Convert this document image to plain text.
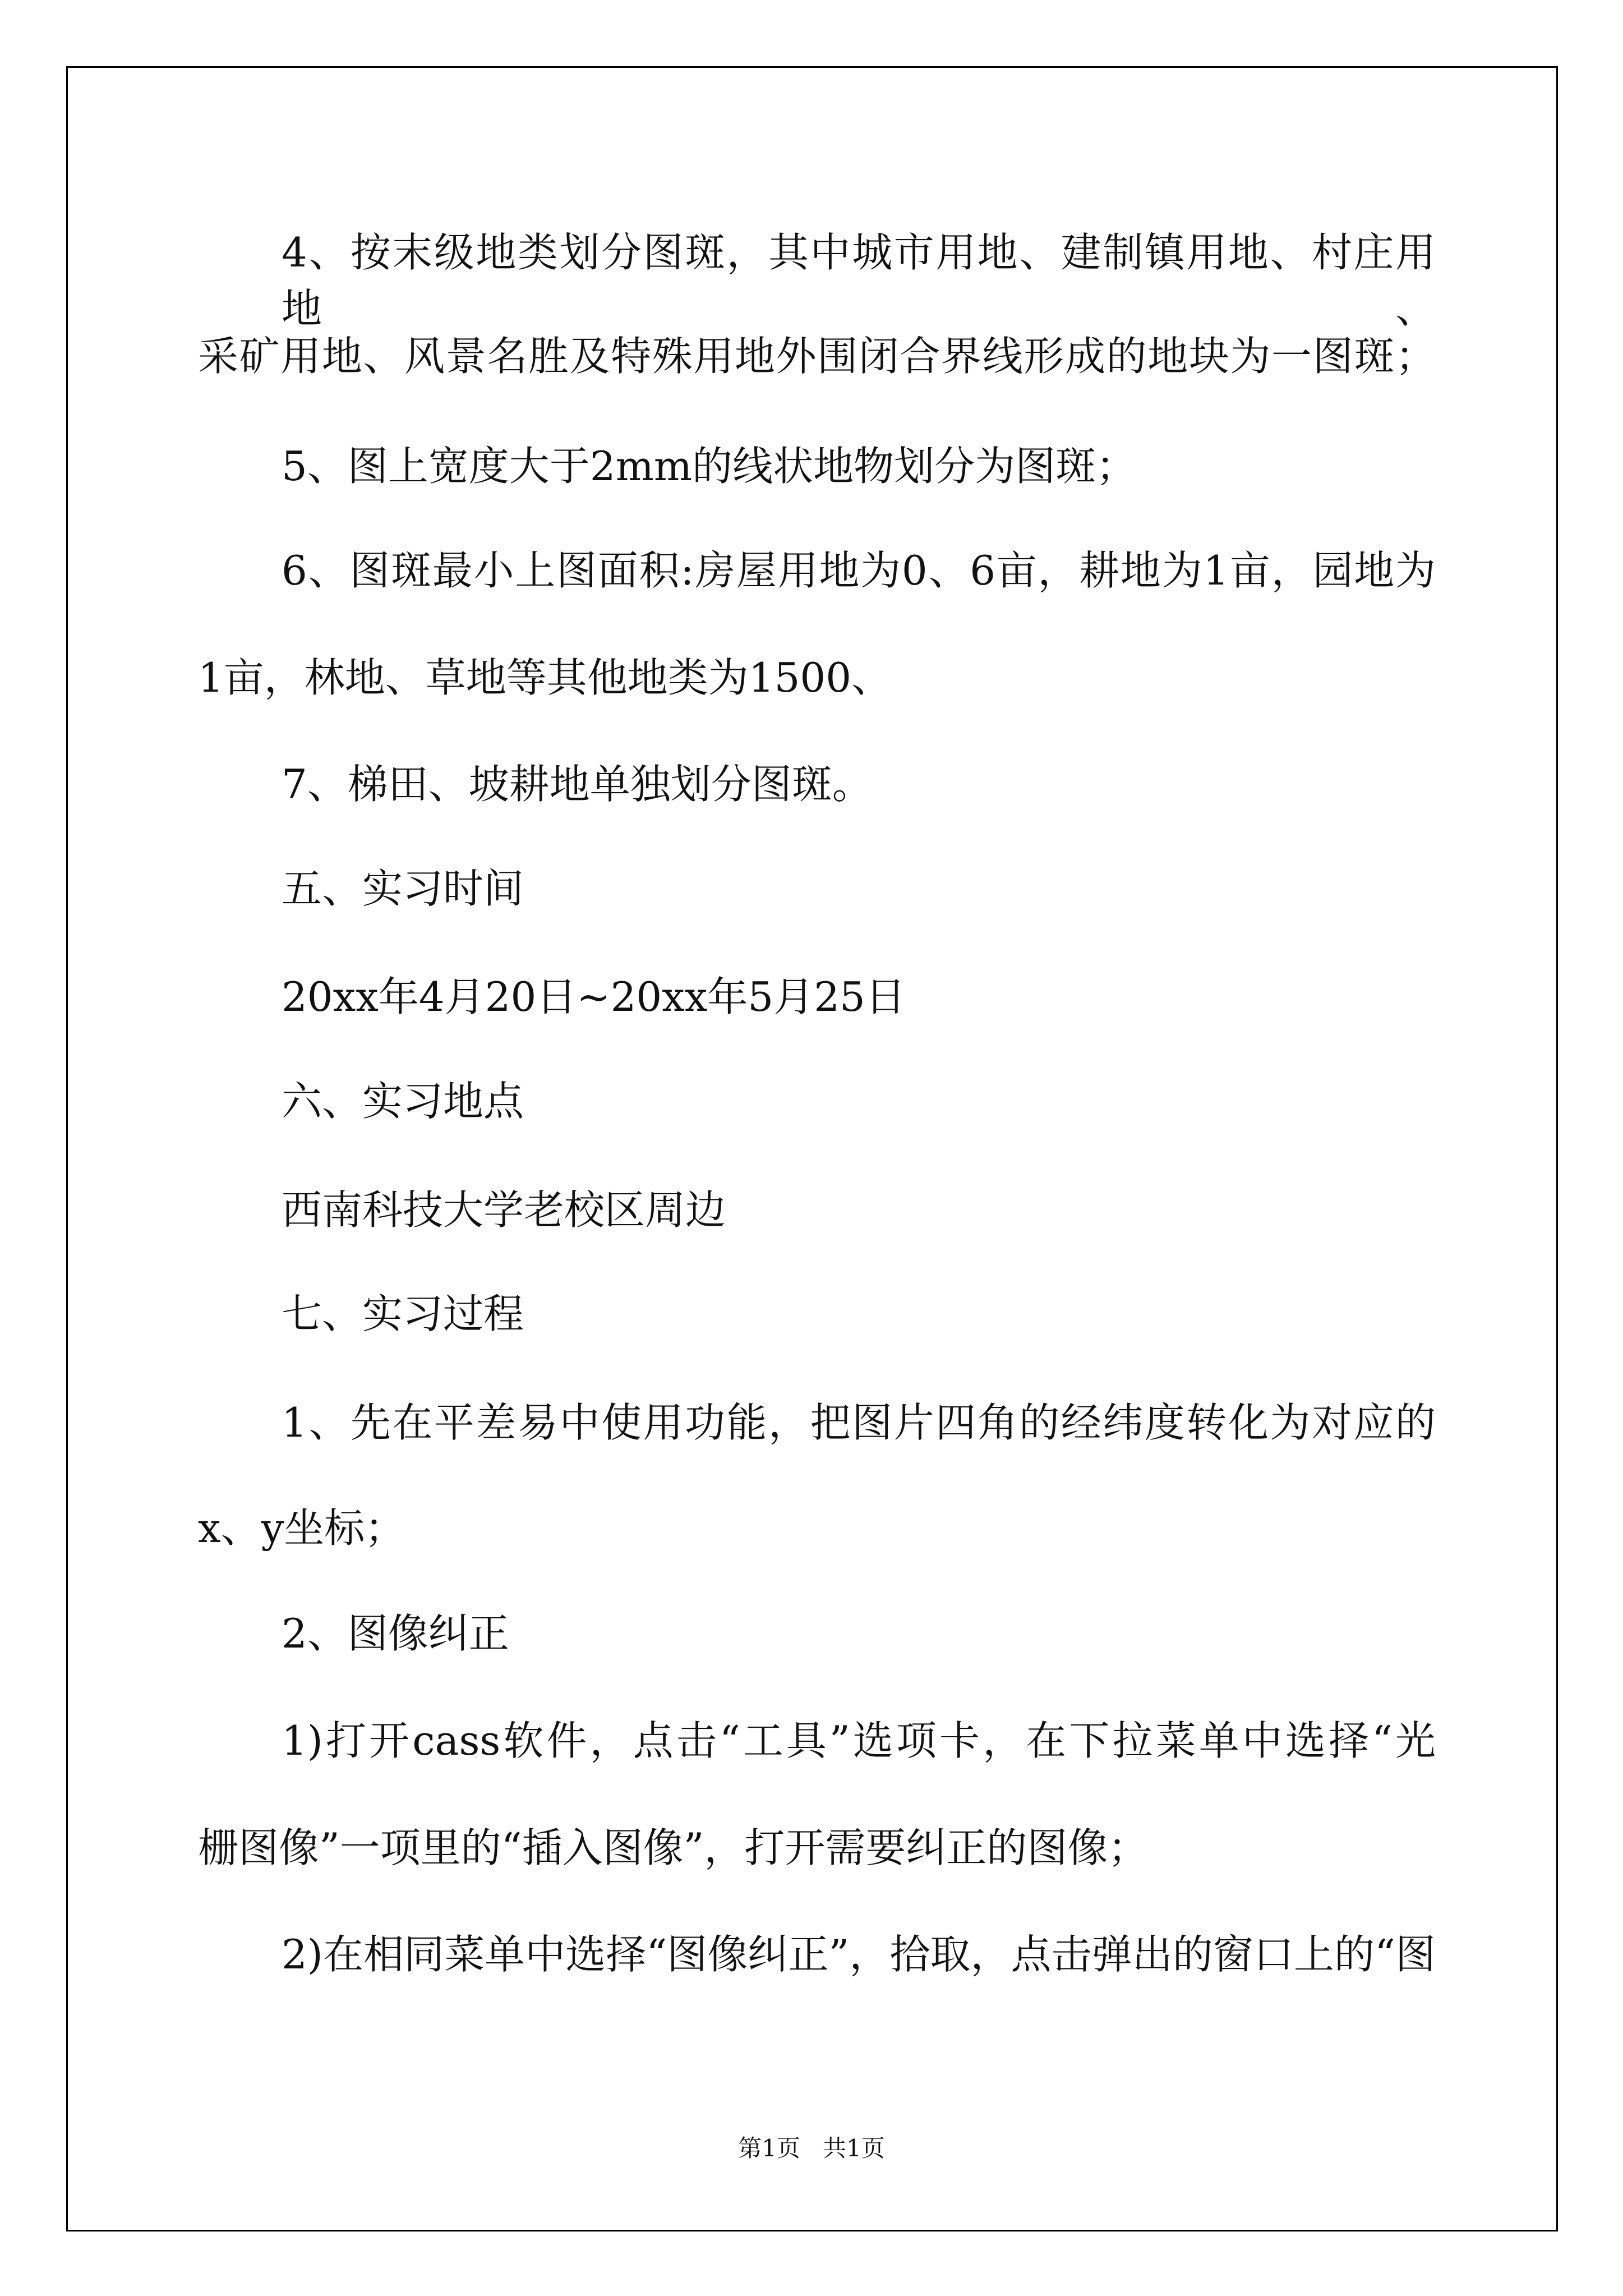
4、按末级地类划分图斑，其中城市用地、建制镇用地、村庄用地、
采矿用地、风景名胜及特殊用地外围闭合界线形成的地块为一图斑；
5、图上宽度大于2mm的线状地物划分为图斑；
6、图斑最小上图面积:房屋用地为0、6亩，耕地为1亩，园地为
1亩，林地、草地等其他地类为1500、
7、梯田、坡耕地单独划分图斑。
五、实习时间
20xx年4月20日~20xx年5月25日
六、实习地点
西南科技大学老校区周边
七、实习过程
1、先在平差易中使用功能，把图片四角的经纬度转化为对应的
x、y坐标；
2、图像纠正
1)打开cass软件，点击“工具”选项卡，在下拉菜单中选择“光
栅图像”一项里的“插入图像”，打开需要纠正的图像；
2)在相同菜单中选择“图像纠正”，拾取，点击弹出的窗口上的“图
第1页   共1页
